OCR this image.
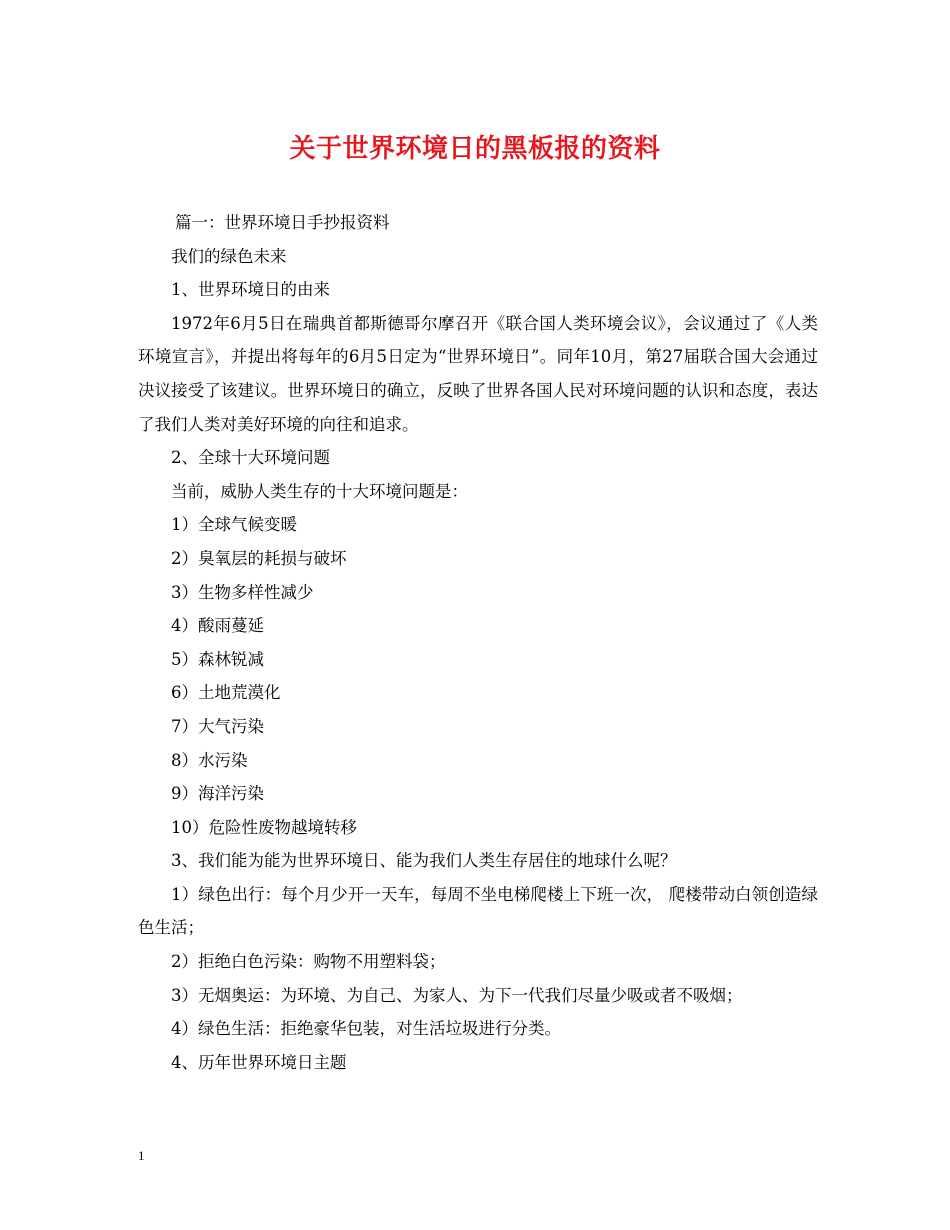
关于世界环境日的黑板报的资料

篇一：世界环境日手抄报资料

我们的绿色未来

1、世界环境日的由来

1972年6月5日在瑞典首都斯德哥尔摩召开《联合国人类环境会议》，会议通过了《人类环境宣言》，并提出将每年的6月5日定为“世界环境日”。同年10月，第27届联合国大会通过决议接受了该建议。世界环境日的确立，反映了世界各国人民对环境问题的认识和态度，表达了我们人类对美好环境的向往和追求。

2、全球十大环境问题

当前，威胁人类生存的十大环境问题是：

1）全球气候变暖

2）臭氧层的耗损与破坏

3）生物多样性减少

4）酸雨蔓延

5）森林锐减

6）土地荒漠化

7）大气污染

8）水污染

9）海洋污染

10）危险性废物越境转移

3、我们能为能为世界环境日、能为我们人类生存居住的地球什么呢？

1）绿色出行：每个月少开一天车，每周不坐电梯爬楼上下班一次， 爬楼带动白领创造绿色生活；

2）拒绝白色污染：购物不用塑料袋；

3）无烟奥运：为环境、为自己、为家人、为下一代我们尽量少吸或者不吸烟；

4）绿色生活：拒绝豪华包装，对生活垃圾进行分类。

4、历年世界环境日主题

1
